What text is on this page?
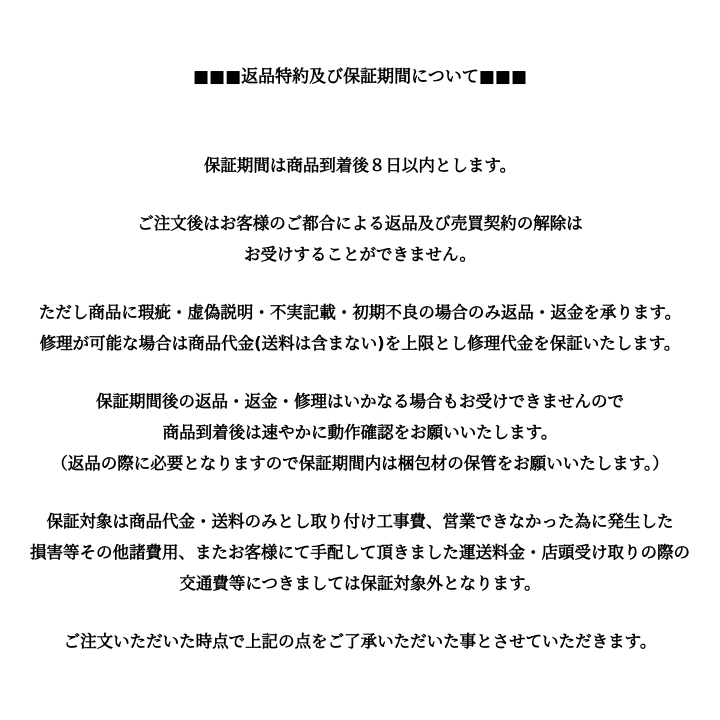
■■■返品特約及び保証期間について■■■
保証期間は商品到着後８日以内とします。
ご注文後はお客様のご都合による返品及び売買契約の解除は
お受けすることができません。
ただし商品に瑕疵・虚偽説明・不実記載・初期不良の場合のみ返品・返金を承ります。
修理が可能な場合は商品代金(送料は含まない)を上限とし修理代金を保証いたします。
保証期間後の返品・返金・修理はいかなる場合もお受けできませんので
商品到着後は速やかに動作確認をお願いいたします。
（返品の際に必要となりますので保証期間内は梱包材の保管をお願いいたします。）
保証対象は商品代金・送料のみとし取り付け工事費、営業できなかった為に発生した
損害等その他諸費用、またお客様にて手配して頂きました運送料金・店頭受け取りの際の
交通費等につきましては保証対象外となります。
ご注文いただいた時点で上記の点をご了承いただいた事とさせていただきます。
